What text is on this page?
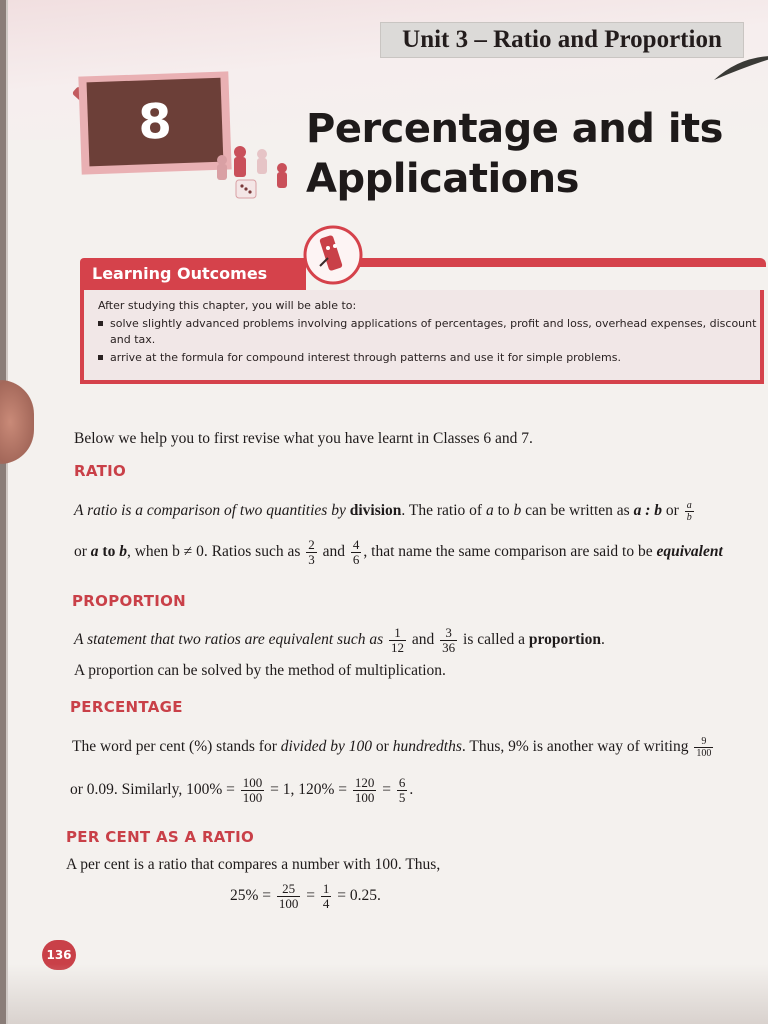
Unit 3 – Ratio and Proportion
8	Percentage and its
Applications
Learning Outcomes
After studying this chapter, you will be able to:
solve slightly advanced problems involving applications of percentages, profit and loss, overhead expenses, discount and tax.
arrive at the formula for compound interest through patterns and use it for simple problems.
Below we help you to first revise what you have learnt in Classes 6 and 7.
RATIO
A ratio is a comparison of two quantities by division. The ratio of a to b can be written as a : b or $\frac{a}{b}$
or a to b, when b ≠ 0. Ratios such as $\frac{2}{3}$ and $\frac{4}{6}$ , that name the same comparison are said to be equivalent
PROPORTION
A statement that two ratios are equivalent such as $\frac{1}{12}$ and $\frac{3}{36}$ is called a proportion.
A proportion can be solved by the method of multiplication.
PERCENTAGE
The word per cent (%) stands for divided by 100 or hundredths. Thus, 9% is another way of writing $\frac{9}{100}$
or 0.09. Similarly, $100\% = \frac{100}{100} = 1$, $120\% = \frac{120}{100} = \frac{6}{5}$ .
PER CENT AS A RATIO
A per cent is a ratio that compares a number with 100. Thus,
$25\% = \frac{25}{100} = \frac{1}{4} = 0.25$.
136
